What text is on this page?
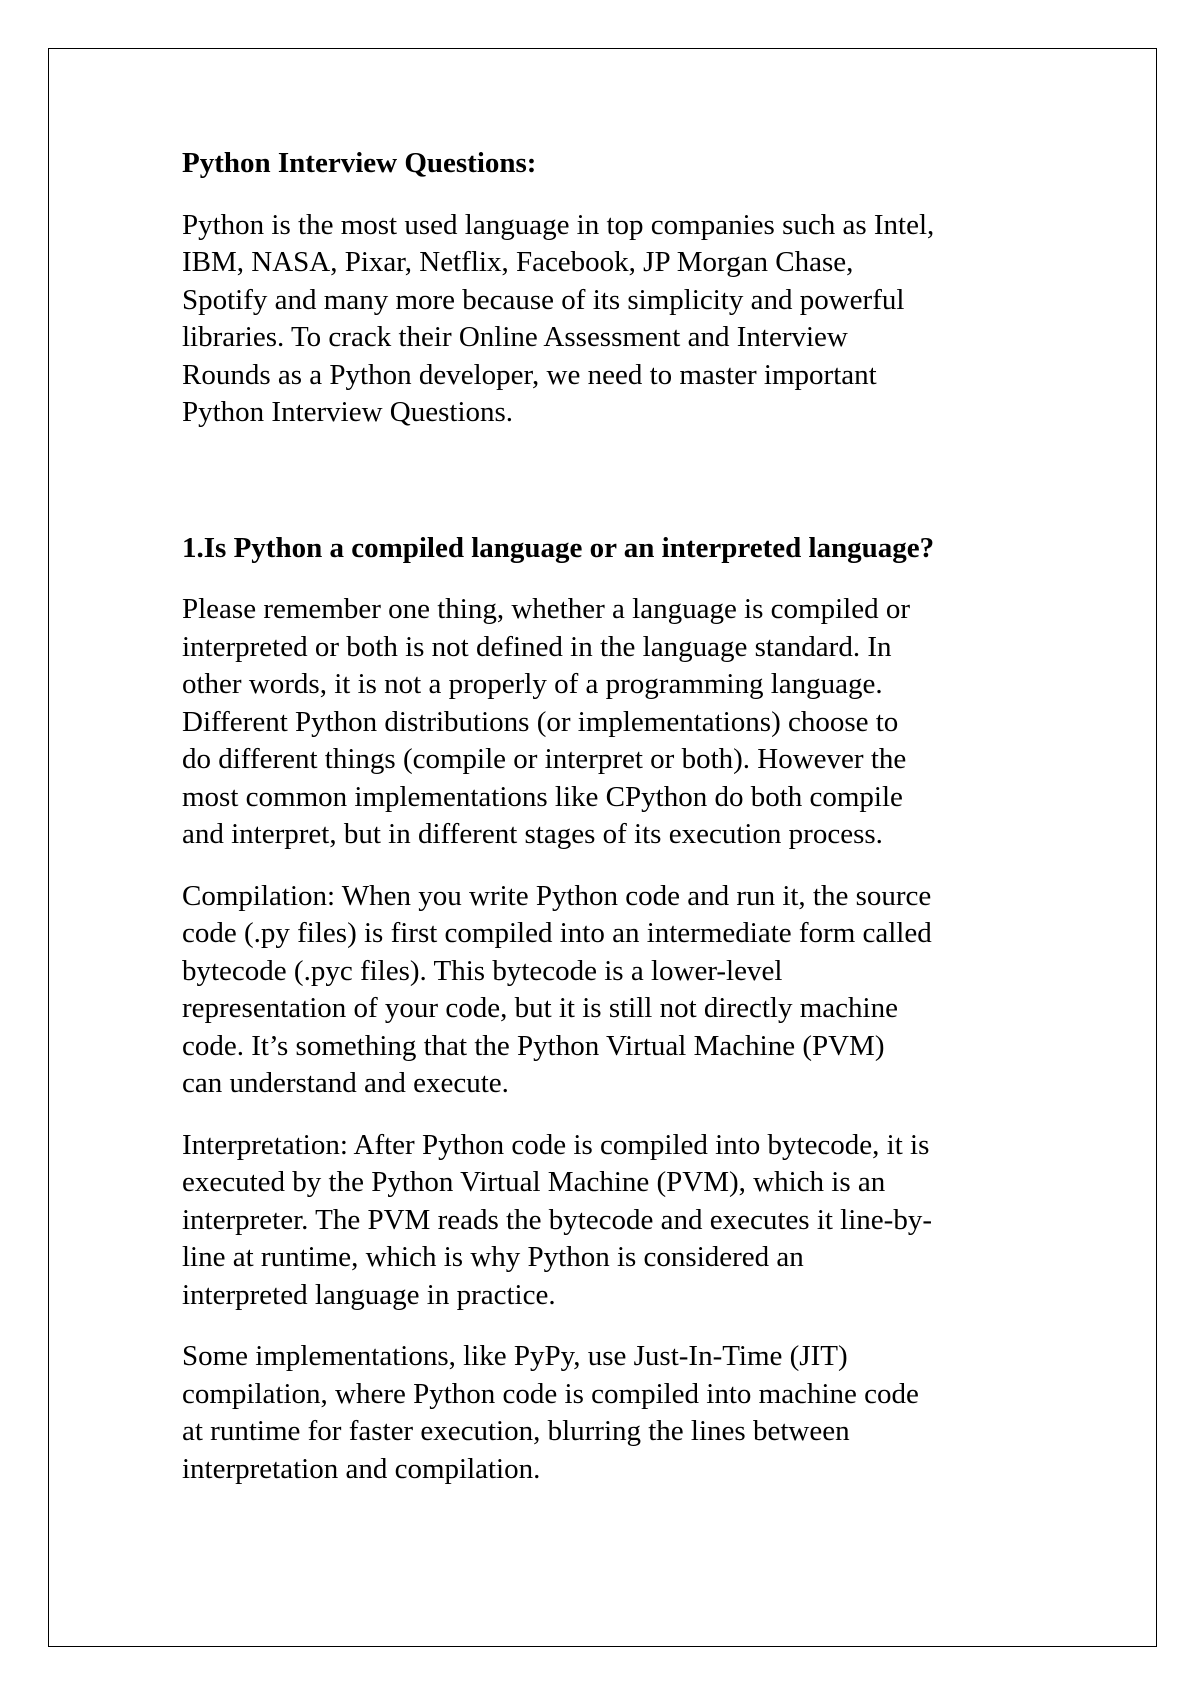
Python Interview Questions:

Python is the most used language in top companies such as Intel,
IBM, NASA, Pixar, Netflix, Facebook, JP Morgan Chase,
Spotify and many more because of its simplicity and powerful
libraries. To crack their Online Assessment and Interview
Rounds as a Python developer, we need to master important
Python Interview Questions.

1.Is Python a compiled language or an interpreted language?

Please remember one thing, whether a language is compiled or
interpreted or both is not defined in the language standard. In
other words, it is not a properly of a programming language.
Different Python distributions (or implementations) choose to
do different things (compile or interpret or both). However the
most common implementations like CPython do both compile
and interpret, but in different stages of its execution process.

Compilation: When you write Python code and run it, the source
code (.py files) is first compiled into an intermediate form called
bytecode (.pyc files). This bytecode is a lower-level
representation of your code, but it is still not directly machine
code. It’s something that the Python Virtual Machine (PVM)
can understand and execute.

Interpretation: After Python code is compiled into bytecode, it is
executed by the Python Virtual Machine (PVM), which is an
interpreter. The PVM reads the bytecode and executes it line-by-
line at runtime, which is why Python is considered an
interpreted language in practice.

Some implementations, like PyPy, use Just-In-Time (JIT)
compilation, where Python code is compiled into machine code
at runtime for faster execution, blurring the lines between
interpretation and compilation.
